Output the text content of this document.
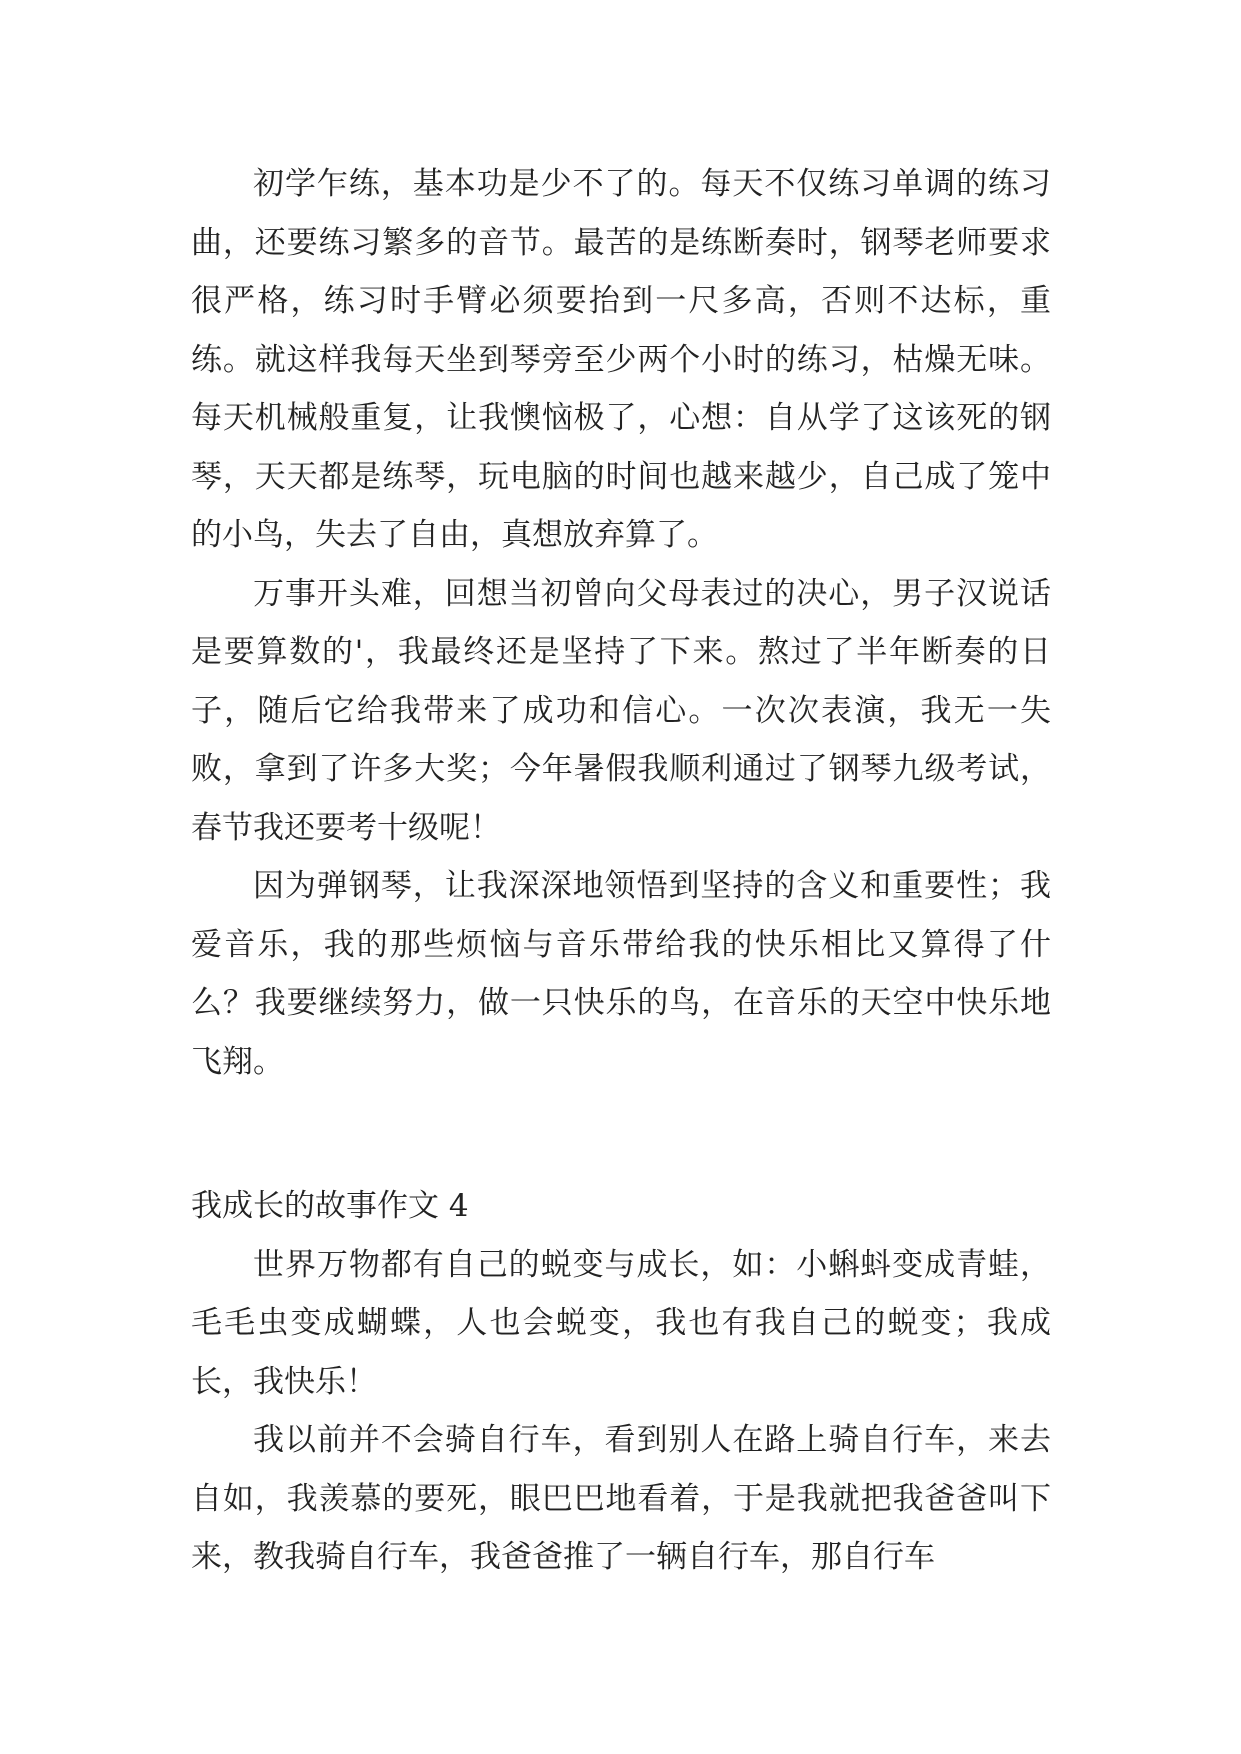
初学乍练，基本功是少不了的。每天不仅练习单调的练习曲，还要练习繁多的音节。最苦的是练断奏时，钢琴老师要求很严格，练习时手臂必须要抬到一尺多高，否则不达标，重练。就这样我每天坐到琴旁至少两个小时的练习，枯燥无味。每天机械般重复，让我懊恼极了，心想：自从学了这该死的钢琴，天天都是练琴，玩电脑的时间也越来越少，自己成了笼中的小鸟，失去了自由，真想放弃算了。

万事开头难，回想当初曾向父母表过的决心，男子汉说话是要算数的'，我最终还是坚持了下来。熬过了半年断奏的日子，随后它给我带来了成功和信心。一次次表演，我无一失败，拿到了许多大奖；今年暑假我顺利通过了钢琴九级考试，春节我还要考十级呢！

因为弹钢琴，让我深深地领悟到坚持的含义和重要性；我爱音乐，我的那些烦恼与音乐带给我的快乐相比又算得了什么？我要继续努力，做一只快乐的鸟，在音乐的天空中快乐地飞翔。

我成长的故事作文 4

世界万物都有自己的蜕变与成长，如：小蝌蚪变成青蛙，毛毛虫变成蝴蝶，人也会蜕变，我也有我自己的蜕变；我成长，我快乐！

我以前并不会骑自行车，看到别人在路上骑自行车，来去自如，我羡慕的要死，眼巴巴地看着，于是我就把我爸爸叫下来，教我骑自行车，我爸爸推了一辆自行车，那自行车
